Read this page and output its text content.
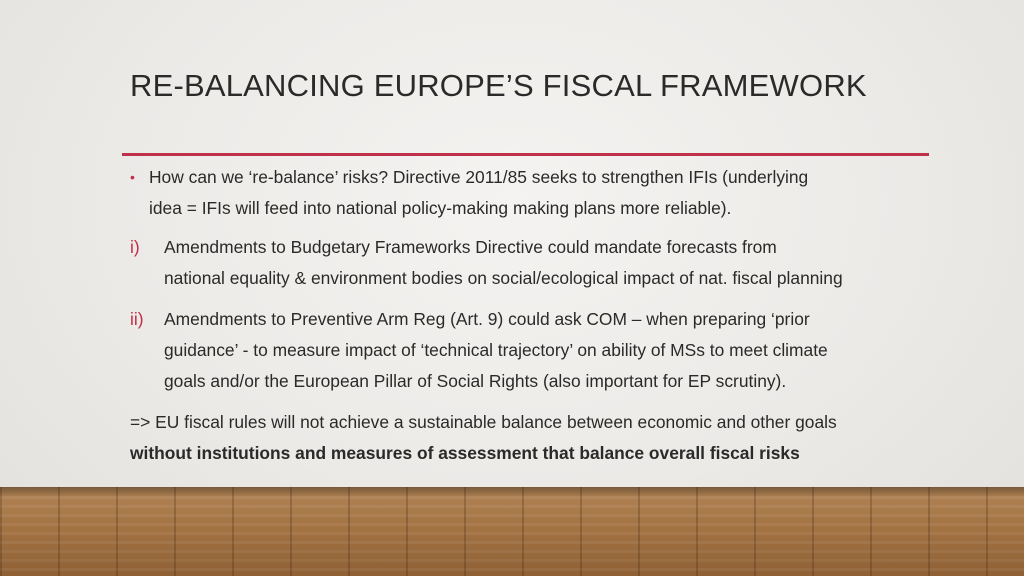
RE-BALANCING EUROPE’S FISCAL FRAMEWORK
• How can we ‘re-balance’ risks? Directive 2011/85 seeks to strengthen IFIs (underlying
idea = IFIs will feed into national policy-making making plans more reliable).
i) Amendments to Budgetary Frameworks Directive could mandate forecasts from
national equality & environment bodies on social/ecological impact of nat. fiscal planning
ii) Amendments to Preventive Arm Reg (Art. 9) could ask COM – when preparing ‘prior
guidance’ - to measure impact of ‘technical trajectory’ on ability of MSs to meet climate
goals and/or the European Pillar of Social Rights (also important for EP scrutiny).
=> EU fiscal rules will not achieve a sustainable balance between economic and other goals
without institutions and measures of assessment that balance overall fiscal risks
